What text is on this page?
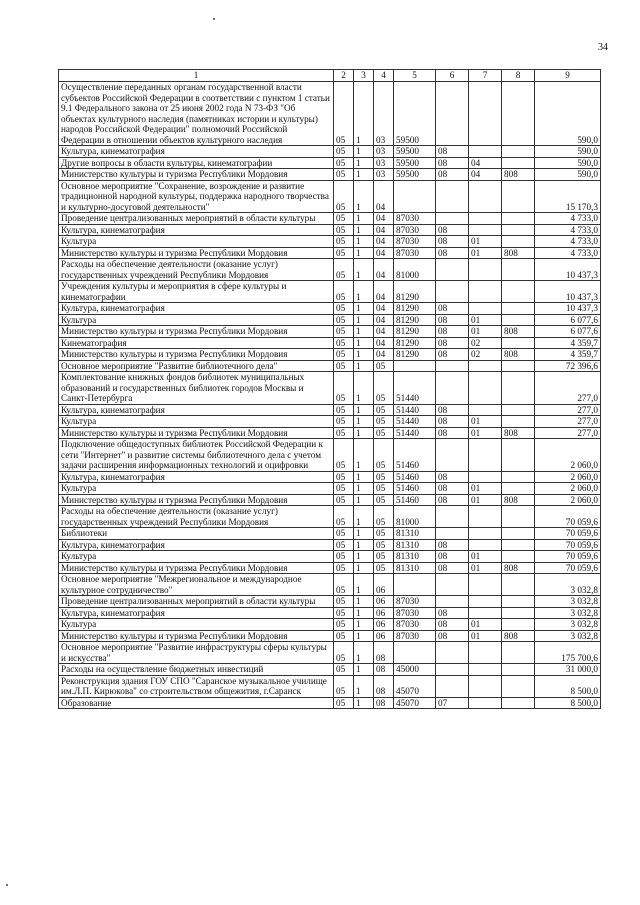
34
1	2	3	4	5	6	7	8	9
Осуществление переданных органам государственной власти субъектов Российской Федерации в соответствии с пунктом 1 статьи 9.1 Федерального закона от 25 июня 2002 года N 73-ФЗ "Об объектах культурного наследия (памятниках истории и культуры) народов Российской Федерации" полномочий Российской Федерации в отношении объектов культурного наследия	05	1	03	59500				590,0
Культура, кинематография	05	1	03	59500	08			590,0
Другие вопросы в области культуры, кинематографии	05	1	03	59500	08	04		590,0
Министерство культуры и туризма Республики Мордовия	05	1	03	59500	08	04	808	590,0
Основное мероприятие "Сохранение, возрождение и развитие традиционной народной культуры, поддержка народного творчества и культурно-досуговой деятельности"	05	1	04					15 170,3
Проведение централизованных мероприятий в области культуры	05	1	04	87030				4 733,0
Культура, кинематография	05	1	04	87030	08			4 733,0
Культура	05	1	04	87030	08	01		4 733,0
Министерство культуры и туризма Республики Мордовия	05	1	04	87030	08	01	808	4 733,0
Расходы на обеспечение деятельности (оказание услуг) государственных учреждений Республики Мордовия	05	1	04	81000				10 437,3
Учреждения культуры и мероприятия в сфере культуры и кинематографии	05	1	04	81290				10 437,3
Культура, кинематография	05	1	04	81290	08			10 437,3
Культура	05	1	04	81290	08	01		6 077,6
Министерство культуры и туризма Республики Мордовия	05	1	04	81290	08	01	808	6 077,6
Кинематография	05	1	04	81290	08	02		4 359,7
Министерство культуры и туризма Республики Мордовия	05	1	04	81290	08	02	808	4 359,7
Основное мероприятие "Развитие библиотечного дела"	05	1	05					72 396,6
Комплектование книжных фондов библиотек муниципальных образований и государственных библиотек городов Москвы и Санкт-Петербурга	05	1	05	51440				277,0
Культура, кинематография	05	1	05	51440	08			277,0
Культура	05	1	05	51440	08	01		277,0
Министерство культуры и туризма Республики Мордовия	05	1	05	51440	08	01	808	277,0
Подключение общедоступных библиотек Российской Федерации к сети "Интернет" и развитие системы библиотечного дела с учетом задачи расширения информационных технологий и оцифровки	05	1	05	51460				2 060,0
Культура, кинематография	05	1	05	51460	08			2 060,0
Культура	05	1	05	51460	08	01		2 060,0
Министерство культуры и туризма Республики Мордовия	05	1	05	51460	08	01	808	2 060,0
Расходы на обеспечение деятельности (оказание услуг) государственных учреждений Республики Мордовия	05	1	05	81000				70 059,6
Библиотеки	05	1	05	81310				70 059,6
Культура, кинематография	05	1	05	81310	08			70 059,6
Культура	05	1	05	81310	08	01		70 059,6
Министерство культуры и туризма Республики Мордовия	05	1	05	81310	08	01	808	70 059,6
Основное мероприятие "Межрегиональное и международное культурное сотрудничество"	05	1	06					3 032,8
Проведение централизованных мероприятий в области культуры	05	1	06	87030				3 032,8
Культура, кинематография	05	1	06	87030	08			3 032,8
Культура	05	1	06	87030	08	01		3 032,8
Министерство культуры и туризма Республики Мордовия	05	1	06	87030	08	01	808	3 032,8
Основное мероприятие "Развитие инфраструктуры сферы культуры и искусства"	05	1	08					175 700,6
Расходы на осуществление бюджетных инвестиций	05	1	08	45000				31 000,0
Реконструкция здания ГОУ СПО "Саранское музыкальное училище им.Л.П. Кирюкова" со строительством общежития, г.Саранск	05	1	08	45070				8 500,0
Образование	05	1	08	45070	07			8 500,0
